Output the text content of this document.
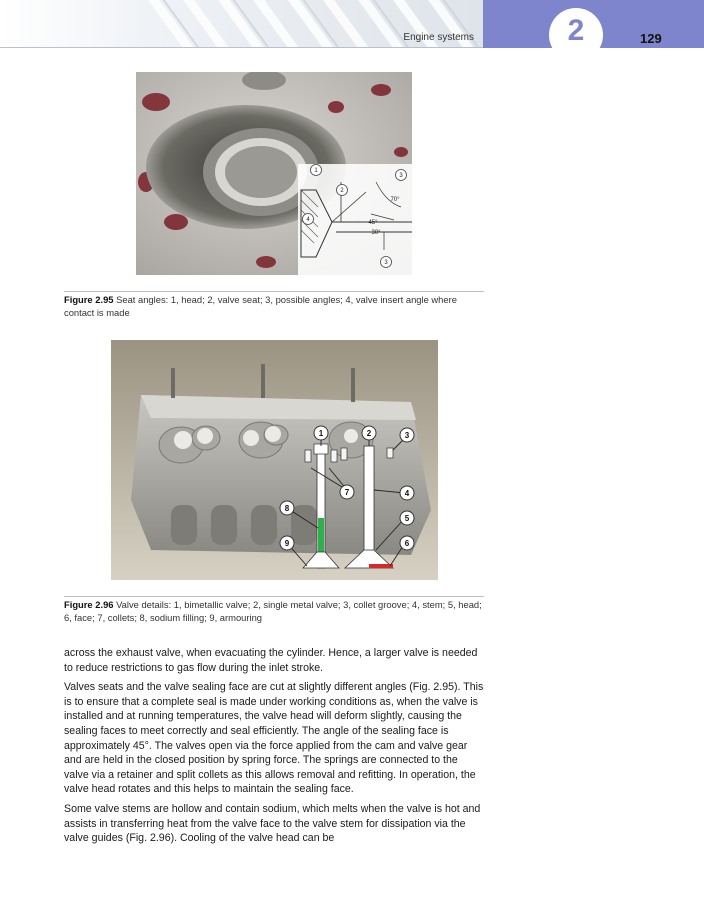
Engine systems	2	129
1
2
3
4
3
70°
45°
30°
Figure 2.95 Seat angles: 1, head; 2, valve seat; 3, possible angles; 4, valve insert angle where contact is made
1	2	3
4
5
6
7
8
9
Figure 2.96 Valve details: 1, bimetallic valve; 2, single metal valve; 3, collet groove; 4, stem; 5, head; 6, face; 7, collets; 8, sodium filling; 9, armouring

across the exhaust valve, when evacuating the cylinder. Hence, a larger valve is needed to reduce restrictions to gas flow during the inlet stroke.

Valves seats and the valve sealing face are cut at slightly different angles (Fig. 2.95). This is to ensure that a complete seal is made under working conditions as, when the valve is installed and at running temperatures, the valve head will deform slightly, causing the sealing faces to meet correctly and seal efficiently. The angle of the sealing face is approximately 45°. The valves open via the force applied from the cam and valve gear and are held in the closed position by spring force. The springs are connected to the valve via a retainer and split collets as this allows removal and refitting. In operation, the valve head rotates and this helps to maintain the sealing face.

Some valve stems are hollow and contain sodium, which melts when the valve is hot and assists in transferring heat from the valve face to the valve stem for dissipation via the valve guides (Fig. 2.96). Cooling of the valve head can be
